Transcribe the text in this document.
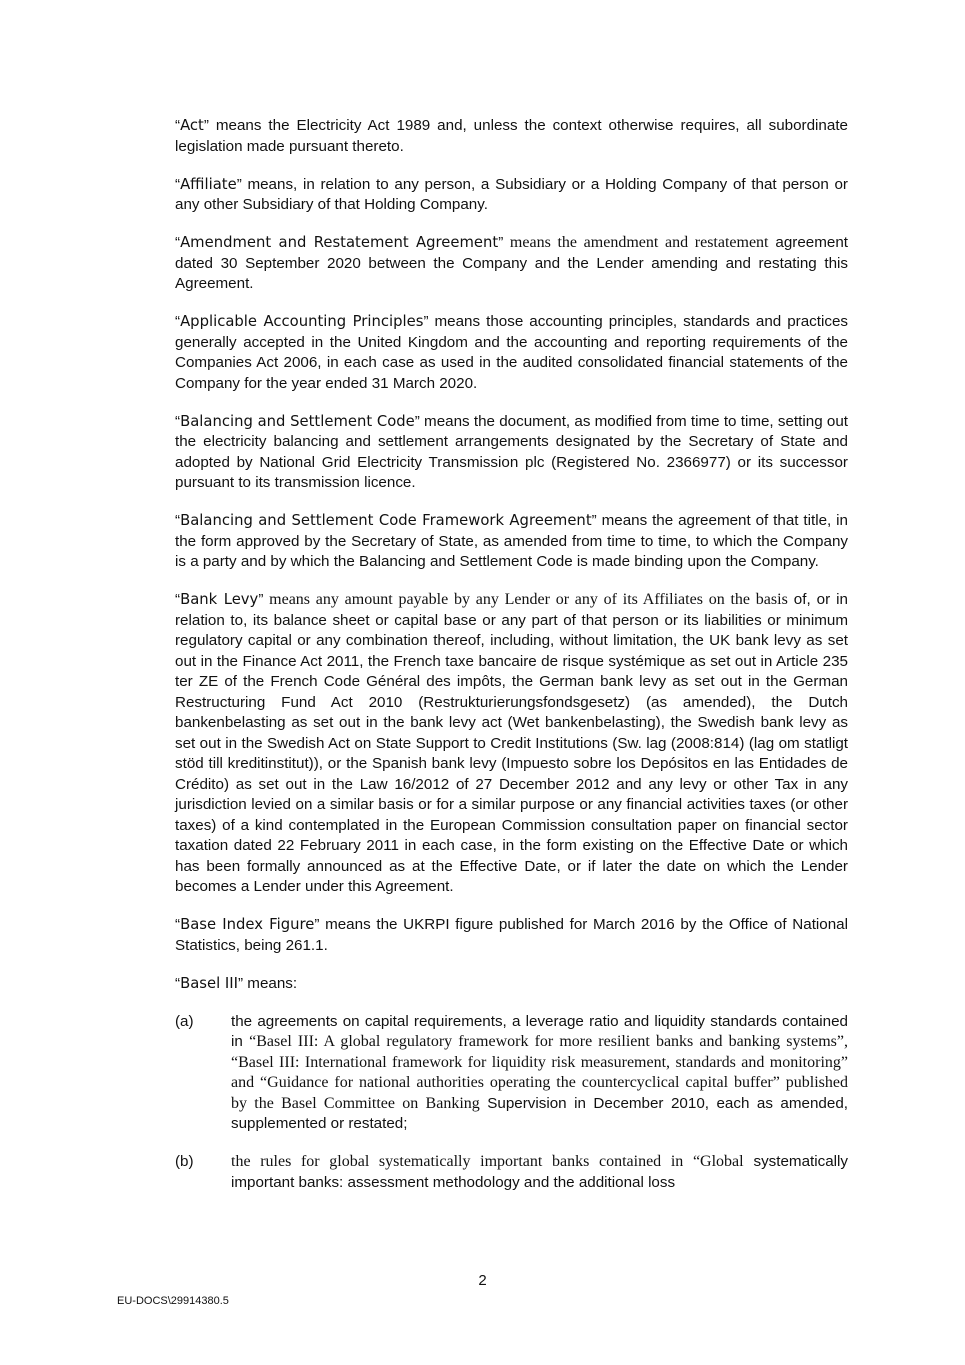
“Act” means the Electricity Act 1989 and, unless the context otherwise requires, all subordinate legislation made pursuant thereto.

“Affiliate” means, in relation to any person, a Subsidiary or a Holding Company of that person or any other Subsidiary of that Holding Company.

“Amendment and Restatement Agreement” means the amendment and restatement agreement dated 30 September 2020 between the Company and the Lender amending and restating this Agreement.

“Applicable Accounting Principles” means those accounting principles, standards and practices generally accepted in the United Kingdom and the accounting and reporting requirements of the Companies Act 2006, in each case as used in the audited consolidated financial statements of the Company for the year ended 31 March 2020.

“Balancing and Settlement Code” means the document, as modified from time to time, setting out the electricity balancing and settlement arrangements designated by the Secretary of State and adopted by National Grid Electricity Transmission plc (Registered No. 2366977) or its successor pursuant to its transmission licence.

“Balancing and Settlement Code Framework Agreement” means the agreement of that title, in the form approved by the Secretary of State, as amended from time to time, to which the Company is a party and by which the Balancing and Settlement Code is made binding upon the Company.

“Bank Levy” means any amount payable by any Lender or any of its Affiliates on the basis of, or in relation to, its balance sheet or capital base or any part of that person or its liabilities or minimum regulatory capital or any combination thereof, including, without limitation, the UK bank levy as set out in the Finance Act 2011, the French taxe bancaire de risque systémique as set out in Article 235 ter ZE of the French Code Général des impôts, the German bank levy as set out in the German Restructuring Fund Act 2010 (Restrukturierungsfondsgesetz) (as amended), the Dutch bankenbelasting as set out in the bank levy act (Wet bankenbelasting), the Swedish bank levy as set out in the Swedish Act on State Support to Credit Institutions (Sw. lag (2008:814) (lag om statligt stöd till kreditinstitut)), or the Spanish bank levy (Impuesto sobre los Depósitos en las Entidades de Crédito) as set out in the Law 16/2012 of 27 December 2012 and any levy or other Tax in any jurisdiction levied on a similar basis or for a similar purpose or any financial activities taxes (or other taxes) of a kind contemplated in the European Commission consultation paper on financial sector taxation dated 22 February 2011 in each case, in the form existing on the Effective Date or which has been formally announced as at the Effective Date, or if later the date on which the Lender becomes a Lender under this Agreement.

“Base Index Figure” means the UKRPI figure published for March 2016 by the Office of National Statistics, being 261.1.

“Basel III” means:

(a)	the agreements on capital requirements, a leverage ratio and liquidity standards contained in “Basel III: A global regulatory framework for more resilient banks and banking systems”, “Basel III: International framework for liquidity risk measurement, standards and monitoring” and “Guidance for national authorities operating the countercyclical capital buffer” published by the Basel Committee on Banking Supervision in December 2010, each as amended, supplemented or restated;
(b)	the rules for global systematically important banks contained in “Global systematically important banks: assessment methodology and the additional loss
2
EU-DOCS\29914380.5
